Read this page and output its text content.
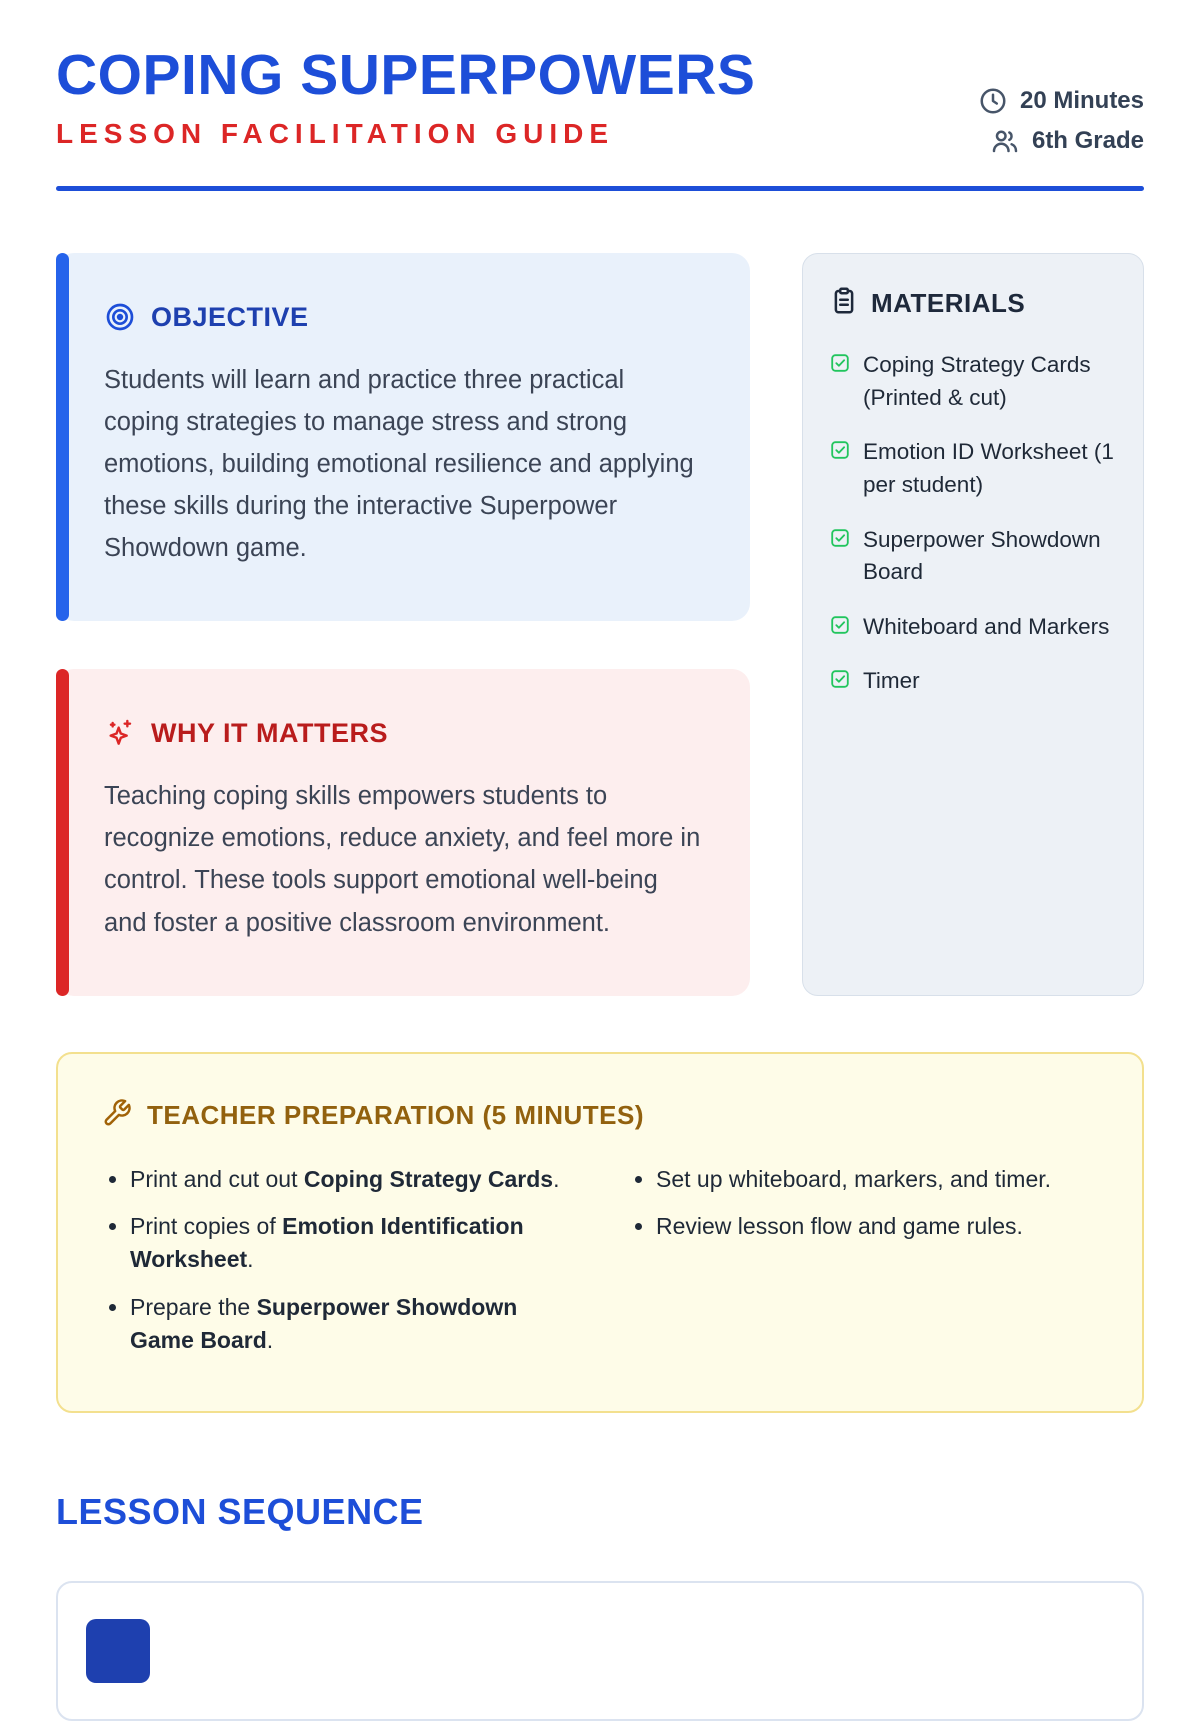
COPING SUPERPOWERS
LESSON FACILITATION GUIDE
20 Minutes
6th Grade
OBJECTIVE
Students will learn and practice three practical coping strategies to manage stress and strong emotions, building emotional resilience and applying these skills during the interactive Superpower Showdown game.
WHY IT MATTERS
Teaching coping skills empowers students to recognize emotions, reduce anxiety, and feel more in control. These tools support emotional well-being and foster a positive classroom environment.
MATERIALS
Coping Strategy Cards (Printed & cut)
Emotion ID Worksheet (1 per student)
Superpower Showdown Board
Whiteboard and Markers
Timer
TEACHER PREPARATION (5 MINUTES)
• Print and cut out Coping Strategy Cards.
• Print copies of Emotion Identification Worksheet.
• Prepare the Superpower Showdown Game Board.
• Set up whiteboard, markers, and timer.
• Review lesson flow and game rules.
LESSON SEQUENCE
